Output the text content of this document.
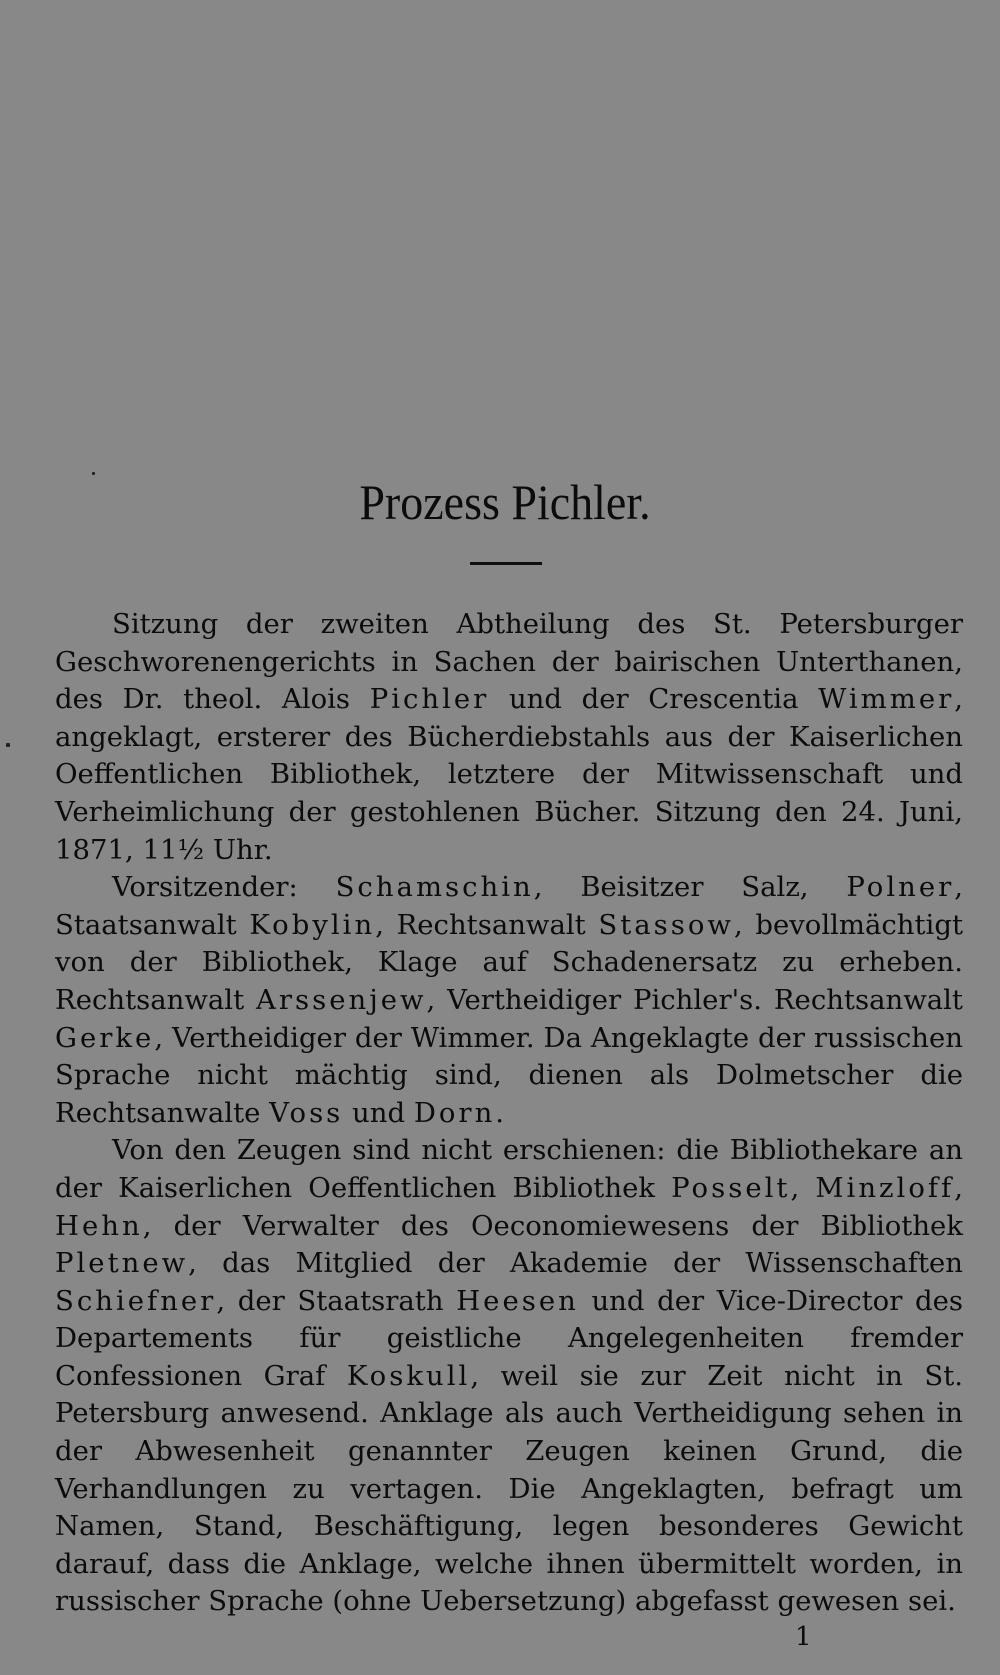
Prozess Pichler.

Sitzung der zweiten Abtheilung des St. Petersburger Geschworenengerichts in Sachen der bairischen Unterthanen, des Dr. theol. Alois Pichler und der Crescentia Wimmer, angeklagt, ersterer des Bücherdiebstahls aus der Kaiserlichen Oeffentlichen Bibliothek, letztere der Mitwissenschaft und Verheimlichung der gestohlenen Bücher. Sitzung den 24. Juni, 1871, 11½ Uhr.

Vorsitzender: Schamschin, Beisitzer Salz, Polner, Staatsanwalt Kobylin, Rechtsanwalt Stassow, bevollmächtigt von der Bibliothek, Klage auf Schadenersatz zu erheben. Rechtsanwalt Arssenjew, Vertheidiger Pichler's. Rechtsanwalt Gerke, Vertheidiger der Wimmer. Da Angeklagte der russischen Sprache nicht mächtig sind, dienen als Dolmetscher die Rechtsanwalte Voss und Dorn.

Von den Zeugen sind nicht erschienen: die Bibliothekare an der Kaiserlichen Oeffentlichen Bibliothek Posselt, Minzloff, Hehn, der Verwalter des Oeconomiewesens der Bibliothek Pletnew, das Mitglied der Akademie der Wissenschaften Schiefner, der Staatsrath Heesen und der Vice-Director des Departements für geistliche Angelegenheiten fremder Confessionen Graf Koskull, weil sie zur Zeit nicht in St. Petersburg anwesend. Anklage als auch Vertheidigung sehen in der Abwesenheit genannter Zeugen keinen Grund, die Verhandlungen zu vertagen. Die Angeklagten, befragt um Namen, Stand, Beschäftigung, legen besonderes Gewicht darauf, dass die Anklage, welche ihnen übermittelt worden, in russischer Sprache (ohne Uebersetzung) abgefasst gewesen sei.

1
